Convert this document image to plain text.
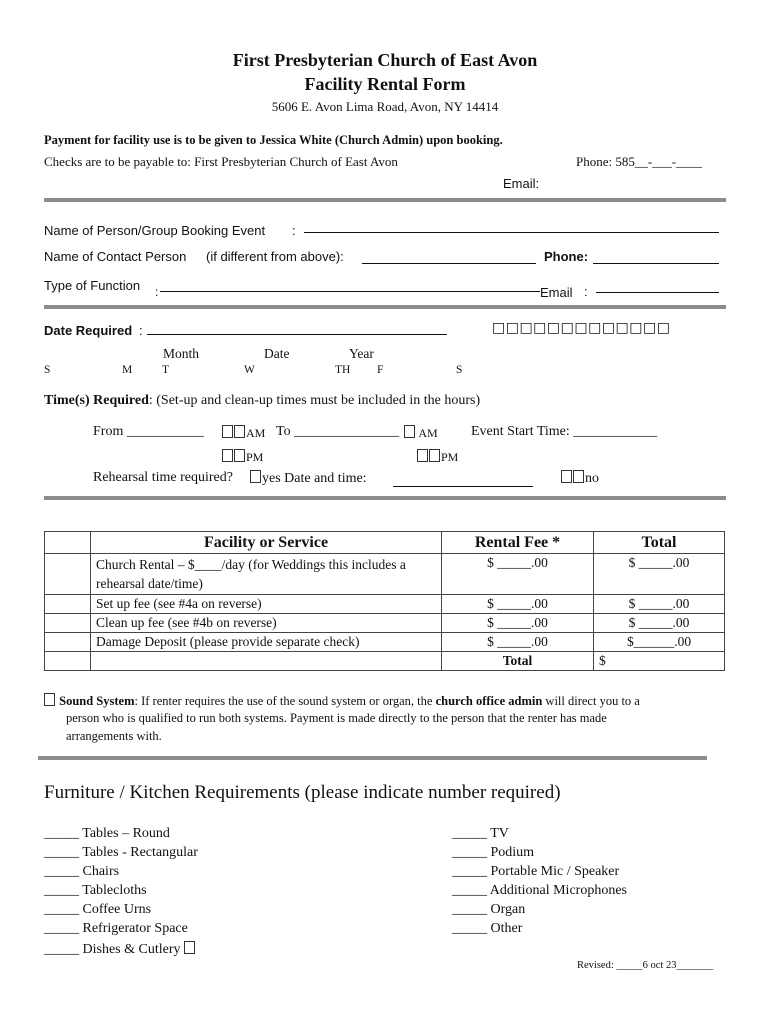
First Presbyterian Church of East Avon
Facility Rental Form
5606 E. Avon Lima Road, Avon, NY 14414
Payment for facility use is to be given to Jessica White (Church Admin) upon booking.
Checks are to be payable to: First Presbyterian Church of East Avon	Phone: 585__-___-____
Email:
Name of Person/Group Booking Event :
Name of Contact Person (if different from above):	Phone:
Type of Function :	Email :
Date Required :	□□□□□□□□□□□□□
Month	Date	Year
S	M	T	W	TH F	S
Time(s) Required: (Set-up and clean-up times must be included in the hours)
From ___________	AM To _______________	AM Event Start Time: ____________
PM	PM
Rehearsal time required?	yes Date and time:	no
	Facility or Service	Rental Fee *	Total
	Church Rental – $____/day (for Weddings this includes a rehearsal date/time)	$ _____.00	$ _____.00
	Set up fee (see #4a on reverse)	$ _____.00	$ _____.00
	Clean up fee (see #4b on reverse)	$ _____.00	$ _____.00
	Damage Deposit (please provide separate check)	$ _____.00	$______.00
		Total	$
Sound System: If renter requires the use of the sound system or organ, the church office admin will direct you to a
person who is qualified to run both systems. Payment is made directly to the person that the renter has made
arrangements with.
Furniture / Kitchen Requirements (please indicate number required)
_____ Tables – Round
_____ Tables - Rectangular
_____ Chairs
_____ Tablecloths
_____ Coffee Urns
_____ Refrigerator Space
_____ Dishes & Cutlery
_____ TV
_____ Podium
_____ Portable Mic / Speaker
_____ Additional Microphones
_____ Organ
_____ Other
Revised: _____6 oct 23_______
